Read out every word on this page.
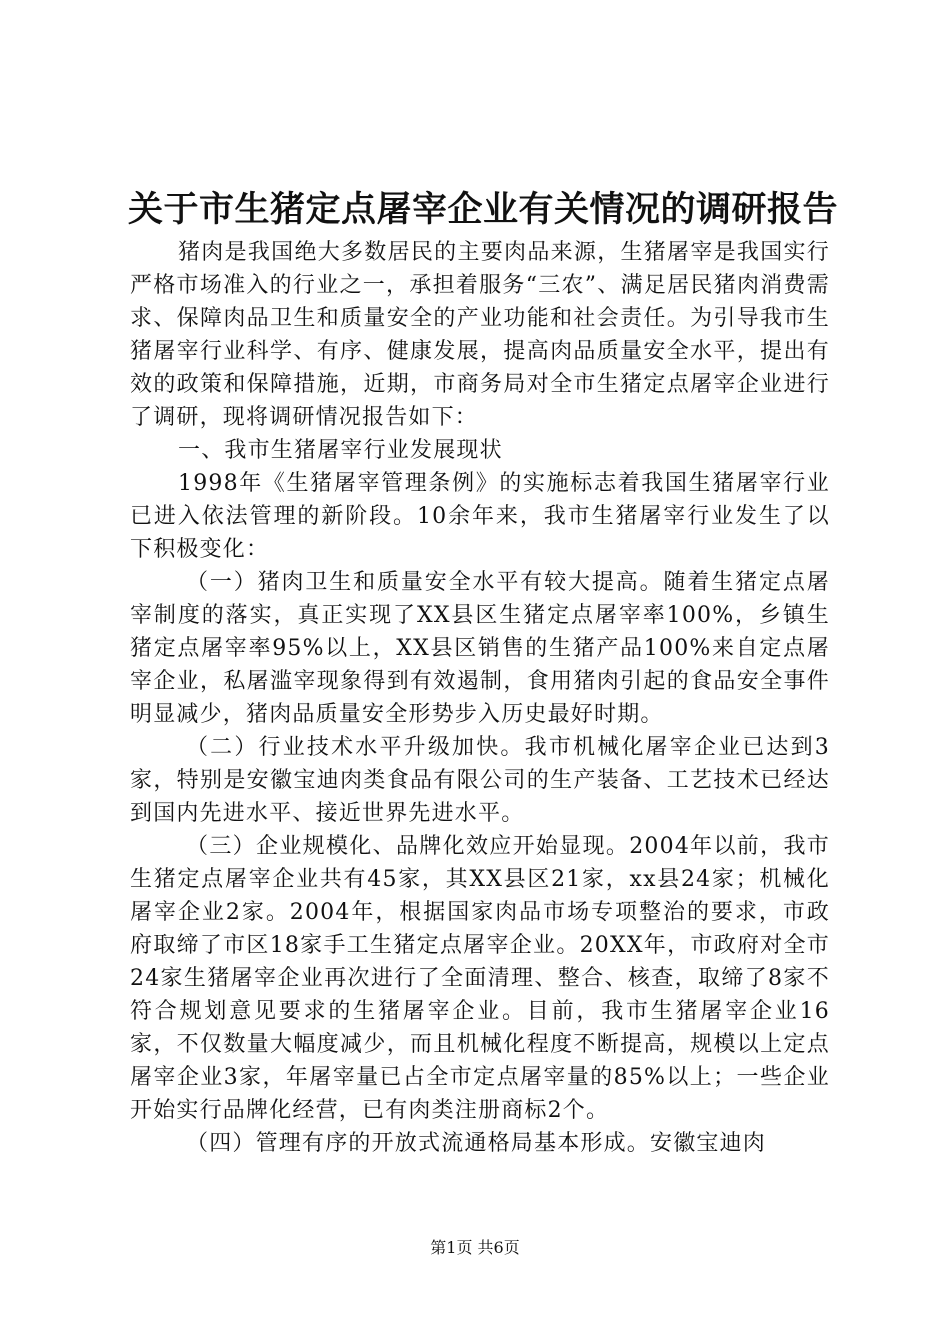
关于市生猪定点屠宰企业有关情况的调研报告

猪肉是我国绝大多数居民的主要肉品来源，生猪屠宰是我国实行严格市场准入的行业之一，承担着服务“三农”、满足居民猪肉消费需求、保障肉品卫生和质量安全的产业功能和社会责任。为引导我市生猪屠宰行业科学、有序、健康发展，提高肉品质量安全水平，提出有效的政策和保障措施，近期，市商务局对全市生猪定点屠宰企业进行了调研，现将调研情况报告如下：

一、我市生猪屠宰行业发展现状

1998年《生猪屠宰管理条例》的实施标志着我国生猪屠宰行业已进入依法管理的新阶段。10余年来，我市生猪屠宰行业发生了以下积极变化：

（一）猪肉卫生和质量安全水平有较大提高。随着生猪定点屠宰制度的落实，真正实现了XX县区生猪定点屠宰率100%，乡镇生猪定点屠宰率95%以上，XX县区销售的生猪产品100%来自定点屠宰企业，私屠滥宰现象得到有效遏制，食用猪肉引起的食品安全事件明显减少，猪肉品质量安全形势步入历史最好时期。

（二）行业技术水平升级加快。我市机械化屠宰企业已达到3家，特别是安徽宝迪肉类食品有限公司的生产装备、工艺技术已经达到国内先进水平、接近世界先进水平。

（三）企业规模化、品牌化效应开始显现。2004年以前，我市生猪定点屠宰企业共有45家，其XX县区21家，xx县24家；机械化屠宰企业2家。2004年，根据国家肉品市场专项整治的要求，市政府取缔了市区18家手工生猪定点屠宰企业。20XX年，市政府对全市24家生猪屠宰企业再次进行了全面清理、整合、核查，取缔了8家不符合规划意见要求的生猪屠宰企业。目前，我市生猪屠宰企业16家，不仅数量大幅度减少，而且机械化程度不断提高，规模以上定点屠宰企业3家，年屠宰量已占全市定点屠宰量的85%以上；一些企业开始实行品牌化经营，已有肉类注册商标2个。

（四）管理有序的开放式流通格局基本形成。安徽宝迪肉

第1页 共6页
